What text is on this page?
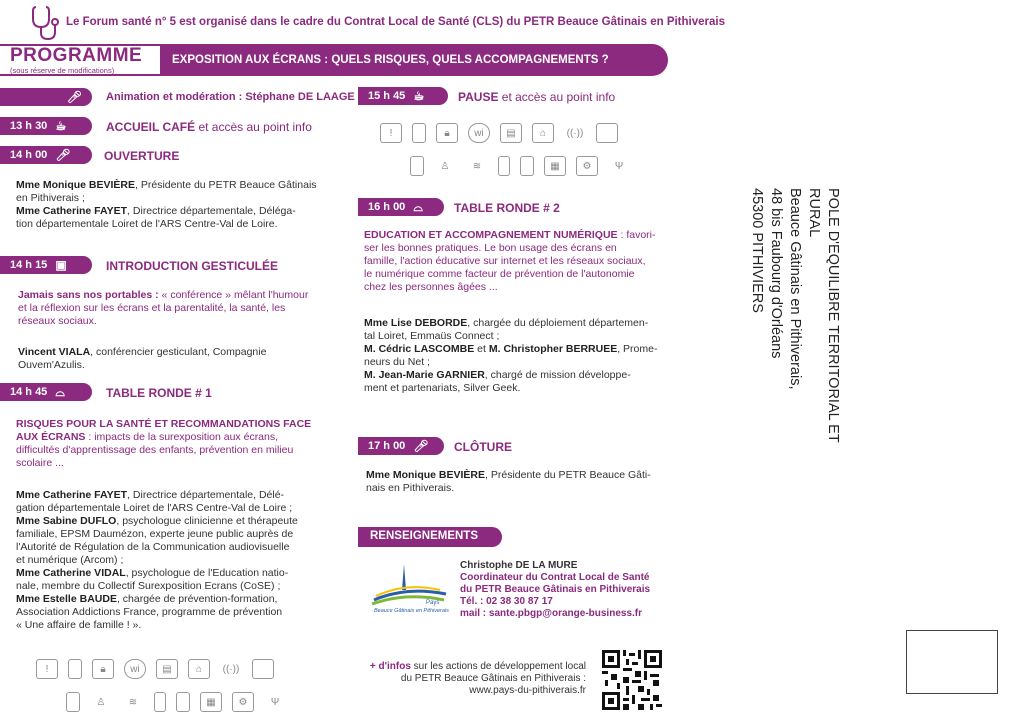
Le Forum santé n° 5 est organisé dans le cadre du Contrat Local de Santé (CLS) du PETR Beauce Gâtinais en Pithiverais
PROGRAMME
(sous réserve de modifications)
EXPOSITION AUX ÉCRANS : QUELS RISQUES, QUELS ACCOMPAGNEMENTS ?
🎤︎ Animation et modération : Stéphane DE LAAGE
13 h 30 ☕︎	ACCUEIL CAFÉ et accès au point info
14 h 00 🎤︎	OUVERTURE
Mme Monique BEVIÈRE, Présidente du PETR Beauce Gâtinais
en Pithiverais ;
Mme Catherine FAYET, Directrice départementale, Déléga-
tion départementale Loiret de l'ARS Centre-Val de Loire.
14 h 15 ▣	INTRODUCTION GESTICULÉE
Jamais sans nos portables : « conférence » mêlant l'humour
et la réflexion sur les écrans et la parentalité, la santé, les
réseaux sociaux.
Vincent VIALA, conférencier gesticulant, Compagnie
Ouvem'Azulis.
14 h 45 ⌓	TABLE RONDE # 1
RISQUES POUR LA SANTÉ ET RECOMMANDATIONS FACE
AUX ÉCRANS : impacts de la surexposition aux écrans,
difficultés d'apprentissage des enfants, prévention en milieu
scolaire ...
Mme Catherine FAYET, Directrice départementale, Délé-
gation départementale Loiret de l'ARS Centre-Val de Loire ;
Mme Sabine DUFLO, psychologue clinicienne et thérapeute
familiale, EPSM Daumézon, experte jeune public auprès de
l'Autorité de Régulation de la Communication audiovisuelle
et numérique (Arcom) ;
Mme Catherine VIDAL, psychologue de l'Education natio-
nale, membre du Collectif Surexposition Ecrans (CoSE) ;
Mme Estelle BAUDE, chargée de prévention-formation,
Association Addictions France, programme de prévention
« Une affaire de famille ! ».
!	🔒︎	wi	▤	⌂	((·))
♙	≋	▦	⚙︎	Ψ
15 h 45 ☕︎	PAUSE et accès au point info
!	🔒︎	wi	▤	⌂	((·))
♙	≋	▦	⚙︎	Ψ
16 h 00 ⌓	TABLE RONDE # 2
EDUCATION ET ACCOMPAGNEMENT NUMÉRIQUE : favori-
ser les bonnes pratiques. Le bon usage des écrans en
famille, l'action éducative sur internet et les réseaux sociaux,
le numérique comme facteur de prévention de l'autonomie
chez les personnes âgées ...
Mme Lise DEBORDE, chargée du déploiement départemen-
tal Loiret, Emmaüs Connect ;
M. Cédric LASCOMBE et M. Christopher BERRUEE, Prome-
neurs du Net ;
M. Jean-Marie GARNIER, chargé de mission développe-
ment et partenariats, Silver Geek.
17 h 00 🎤︎ CLÔTURE
Mme Monique BEVIÈRE, Présidente du PETR Beauce Gâti-
nais en Pithiverais.
RENSEIGNEMENTS
Pays
Beauce Gâtinais en Pithiverais
Christophe DE LA MURE
Coordinateur du Contrat Local de Santé
du PETR Beauce Gâtinais en Pithiverais
Tél. : 02 38 30 87 17
mail : sante.pbgp@orange-business.fr
+ d'infos sur les actions de développement local
du PETR Beauce Gâtinais en Pithiverais :
www.pays-du-pithiverais.fr
POLE D'EQUILIBRE TERRITORIAL ET RURAL
Beauce Gâtinais en Pithiverais,
48 bis Faubourg d'Orléans
45300 PITHIVIERS
